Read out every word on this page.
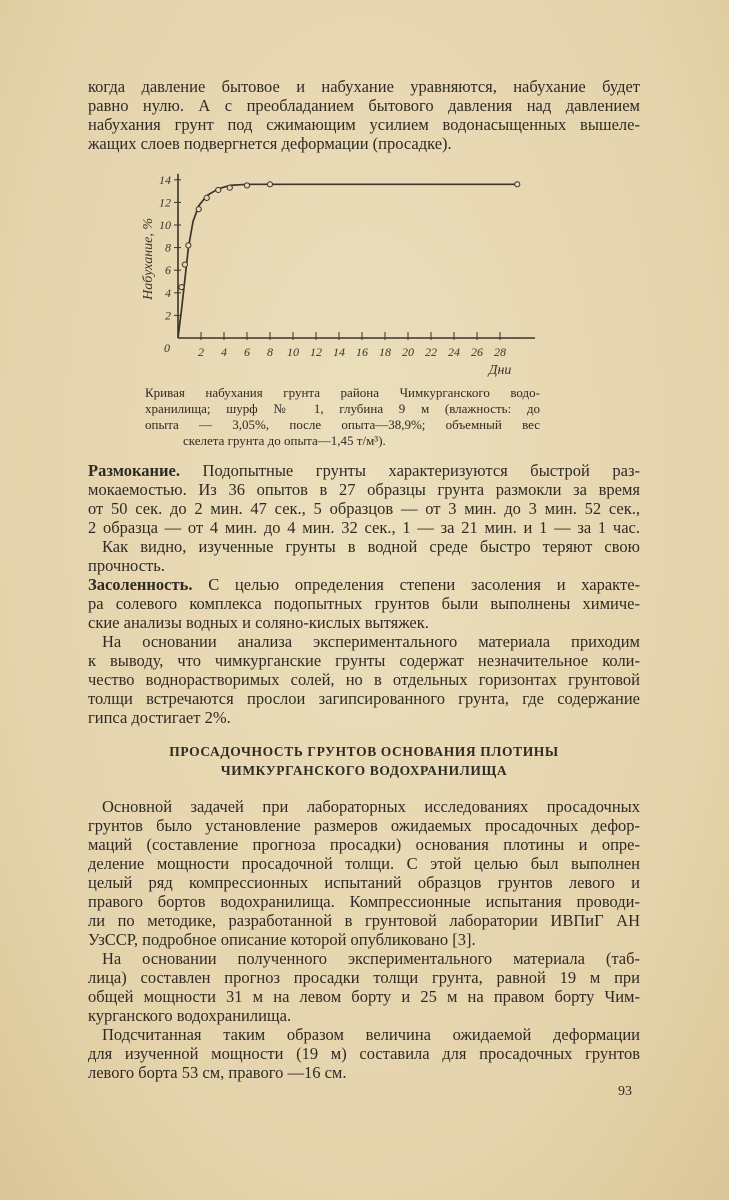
когда давление бытовое и набухание уравняются, набухание будет
равно нулю. А с преобладанием бытового давления над давлением
набухания грунт под сжимающим усилием водонасыщенных вышеле-
жащих слоев подвергнется деформации (просадке).
2
4
6
8
10
12
14
0 2 4 6 8 10 12 14 16 18 20 22 24 26 28
Дни
Набухание, %
Кривая набухания грунта района Чимкурганского водо-
хранилища; шурф № 1, глубина 9 м (влажность: до
опыта — 3,05%, после опыта—38,9%; объемный вес
скелета грунта до опыта—1,45 т/м³).
Размокание. Подопытные грунты характеризуются быстрой раз-
мокаемостью. Из 36 опытов в 27 образцы грунта размокли за время
от 50 сек. до 2 мин. 47 сек., 5 образцов — от 3 мин. до 3 мин. 52 сек.,
2 образца — от 4 мин. до 4 мин. 32 сек., 1 — за 21 мин. и 1 — за 1 час.
Как видно, изученные грунты в водной среде быстро теряют свою
прочность.
Засоленность. С целью определения степени засоления и характе-
ра солевого комплекса подопытных грунтов были выполнены химиче-
ские анализы водных и соляно-кислых вытяжек.
На основании анализа экспериментального материала приходим
к выводу, что чимкурганские грунты содержат незначительное коли-
чество воднорастворимых солей, но в отдельных горизонтах грунтовой
толщи встречаются прослои загипсированного грунта, где содержание
гипса достигает 2%.
ПРОСАДОЧНОСТЬ ГРУНТОВ ОСНОВАНИЯ ПЛОТИНЫ
ЧИМКУРГАНСКОГО ВОДОХРАНИЛИЩА
Основной задачей при лабораторных исследованиях просадочных
грунтов было установление размеров ожидаемых просадочных дефор-
маций (составление прогноза просадки) основания плотины и опре-
деление мощности просадочной толщи. С этой целью был выполнен
целый ряд компрессионных испытаний образцов грунтов левого и
правого бортов водохранилища. Компрессионные испытания проводи-
ли по методике, разработанной в грунтовой лаборатории ИВПиГ АН
УзССР, подробное описание которой опубликовано [3].
На основании полученного экспериментального материала (таб-
лица) составлен прогноз просадки толщи грунта, равной 19 м при
общей мощности 31 м на левом борту и 25 м на правом борту Чим-
курганского водохранилища.
Подсчитанная таким образом величина ожидаемой деформации
для изученной мощности (19 м) составила для просадочных грунтов
левого борта 53 см, правого —16 см.
93
